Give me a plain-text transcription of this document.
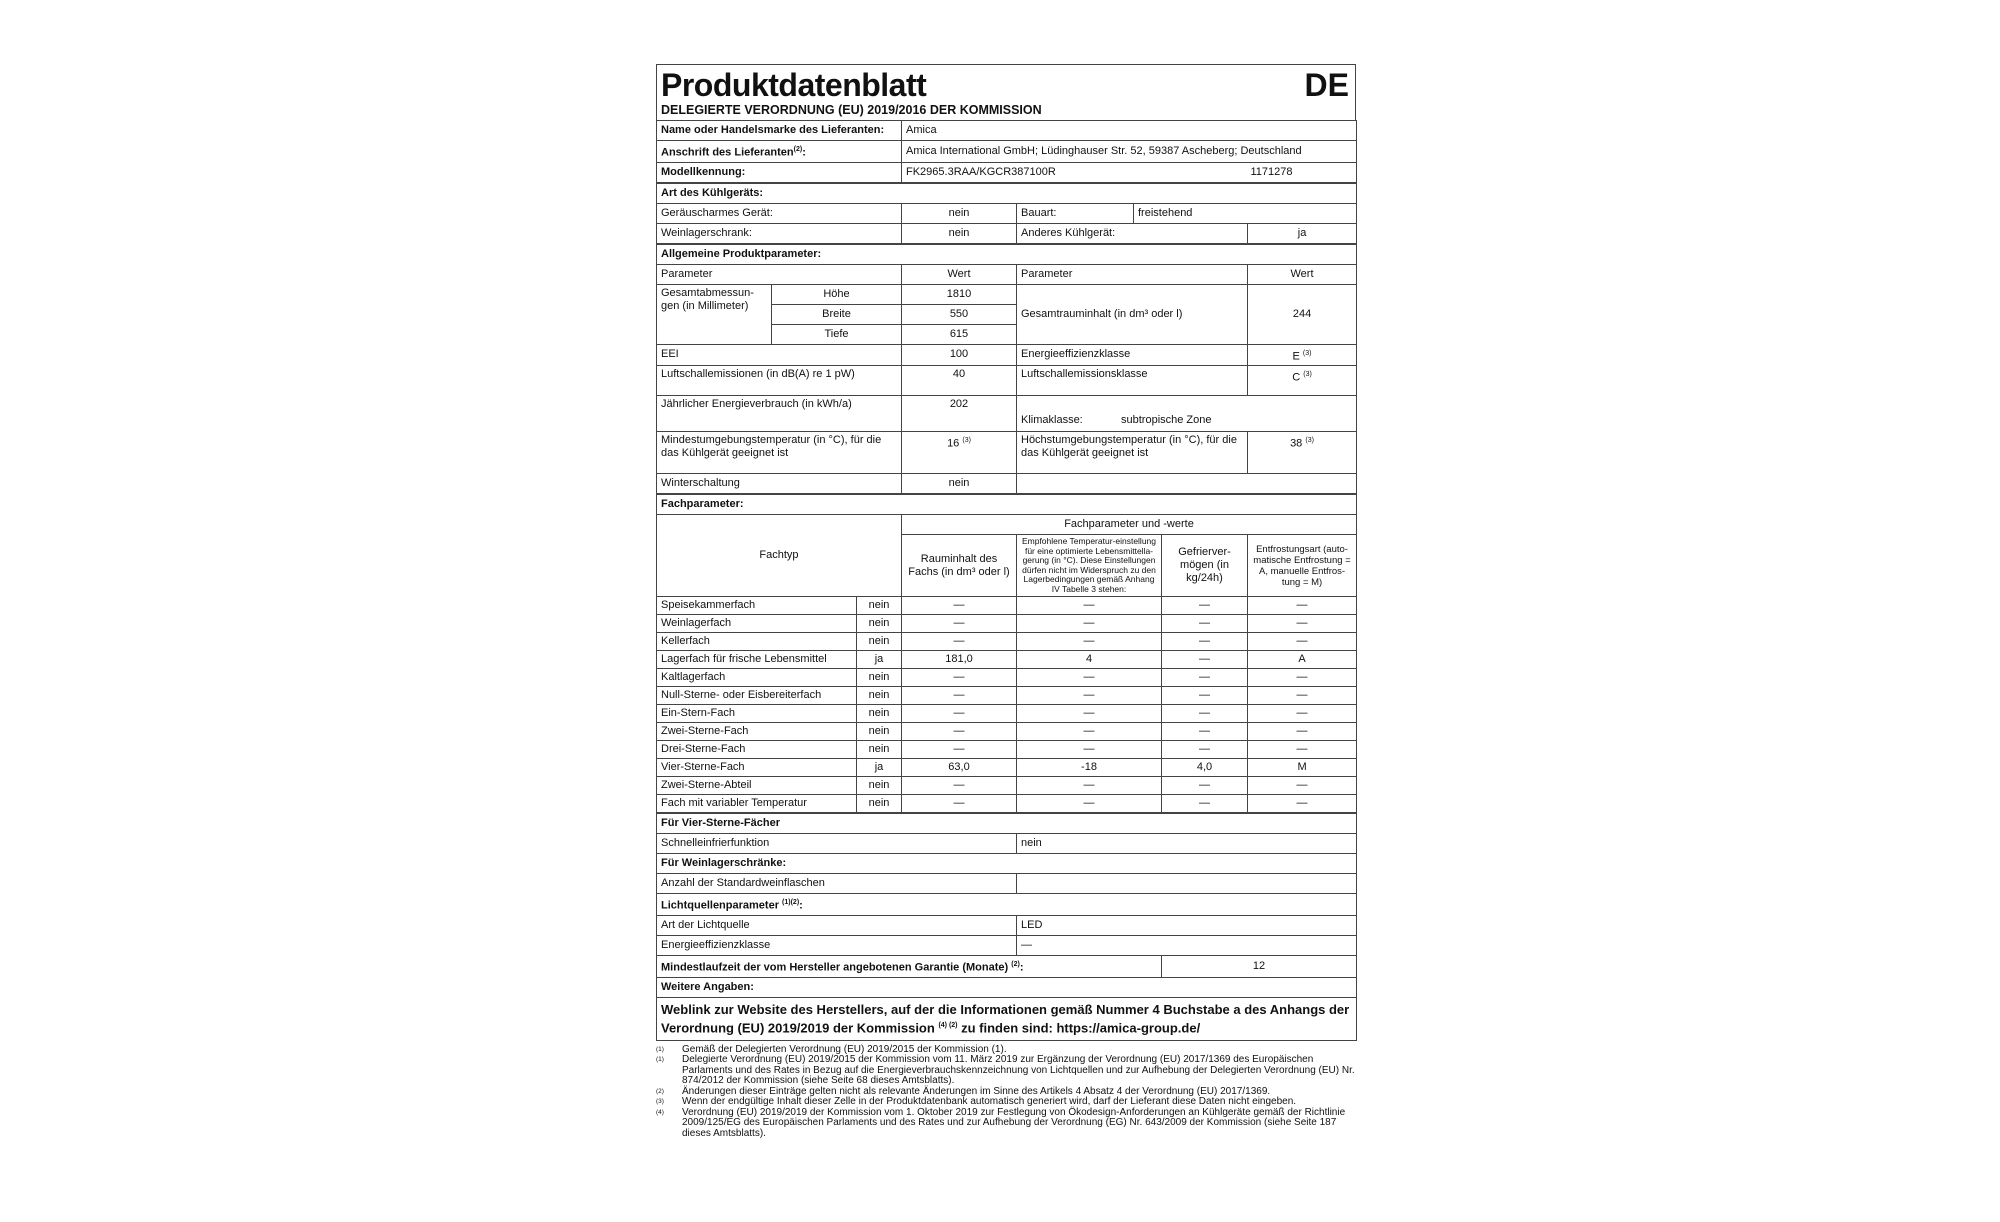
Produktdatenblatt	DE
DELEGIERTE VERORDNUNG (EU) 2019/2016 DER KOMMISSION
Name oder Handelsmarke des Lieferanten:	Amica	
Anschrift des Lieferanten$^{(2)}$:	Amica International GmbH; Lüdinghauser Str. 52, 59387 Ascheberg; Deutschland	
Modellkennung:	FK2965.3RAA/KGCR387100R	1171278
Art des Kühlgeräts:				
Geräuscharmes Gerät:	nein	Bauart:	freistehend	
Weinlagerschrank:	nein	Anderes Kühlgerät:		ja
Allgemeine Produktparameter:				
Parameter		Wert	Parameter	Wert
Gesamtabmessun-gen (in Millimeter)	Höhe	1810	Gesamtrauminhalt (in dm³ oder l)	244
	Breite	550		
	Tiefe	615		
EEI		100	Energieeffizienzklasse	E $^{(3)}$
Luftschallemissionen (in dB(A) re 1 pW)		40	Luftschallemissionsklasse	C $^{(3)}$
Jährlicher Energieverbrauch (in kWh/a)		202	Klimaklasse: subtropische Zone	
Mindestumgebungstemperatur (in °C), für die das Kühlgerät geeignet ist		16 $^{(3)}$	Höchstumgebungstemperatur (in °C), für die das Kühlgerät geeignet ist	38 $^{(3)}$
Winterschaltung		nein		
Fachparameter:					
Fachtyp		Fachparameter und -werte			
		Rauminhalt des Fachs (in dm³ oder l)	Empfohlene Temperatur-einstellung für eine optimierte Lebensmittella-gerung (in °C). Diese Einstellungen dürfen nicht im Widerspruch zu den Lagerbedingungen gemäß Anhang IV Tabelle 3 stehen:	Gefrierver-mögen (in kg/24h)	Entfrostungsart (auto-matische Entfrostung = A, manuelle Entfros-tung = M)
Speisekammerfach	nein	—	—	—	—
Weinlagerfach	nein	—	—	—	—
Kellerfach	nein	—	—	—	—
Lagerfach für frische Lebensmittel	ja	181,0	4	—	A
Kaltlagerfach	nein	—	—	—	—
Null-Sterne- oder Eisbereiterfach	nein	—	—	—	—
Ein-Stern-Fach	nein	—	—	—	—
Zwei-Sterne-Fach	nein	—	—	—	—
Drei-Sterne-Fach	nein	—	—	—	—
Vier-Sterne-Fach	ja	63,0	-18	4,0	M
Zwei-Sterne-Abteil	nein	—	—	—	—
Fach mit variabler Temperatur	nein	—	—	—	—
Für Vier-Sterne-Fächer		
Schnelleinfrierfunktion	nein	
Für Weinlagerschränke:		
Anzahl der Standardweinflaschen		
Lichtquellenparameter $^{(1)(2)}$:		
Art der Lichtquelle	LED	
Energieeffizienzklasse	—	
Mindestlaufzeit der vom Hersteller angebotenen Garantie (Monate) $^{(2)}$:		12
Weitere Angaben:		
Weblink zur Website des Herstellers, auf der die Informationen gemäß Nummer 4 Buchstabe a des Anhangs der Verordnung (EU) 2019/2019 der Kommission $^{(4) (2)}$ zu finden sind: https://amica-group.de/		
(1)	Gemäß der Delegierten Verordnung (EU) 2019/2015 der Kommission (1).
(1)	Delegierte Verordnung (EU) 2019/2015 der Kommission vom 11. März 2019 zur Ergänzung der Verordnung (EU) 2017/1369 des Europäischen Parlaments und des Rates in Bezug auf die Energieverbrauchskennzeichnung von Lichtquellen und zur Aufhebung der Delegierten Verordnung (EU) Nr. 874/2012 der Kommission (siehe Seite 68 dieses Amtsblatts).
(2)	Änderungen dieser Einträge gelten nicht als relevante Änderungen im Sinne des Artikels 4 Absatz 4 der Verordnung (EU) 2017/1369.
(3)	Wenn der endgültige Inhalt dieser Zelle in der Produktdatenbank automatisch generiert wird, darf der Lieferant diese Daten nicht eingeben.
(4)	Verordnung (EU) 2019/2019 der Kommission vom 1. Oktober 2019 zur Festlegung von Ökodesign-Anforderungen an Kühlgeräte gemäß der Richtlinie 2009/125/EG des Europäischen Parlaments und des Rates und zur Aufhebung der Verordnung (EG) Nr. 643/2009 der Kommission (siehe Seite 187 dieses Amtsblatts).
